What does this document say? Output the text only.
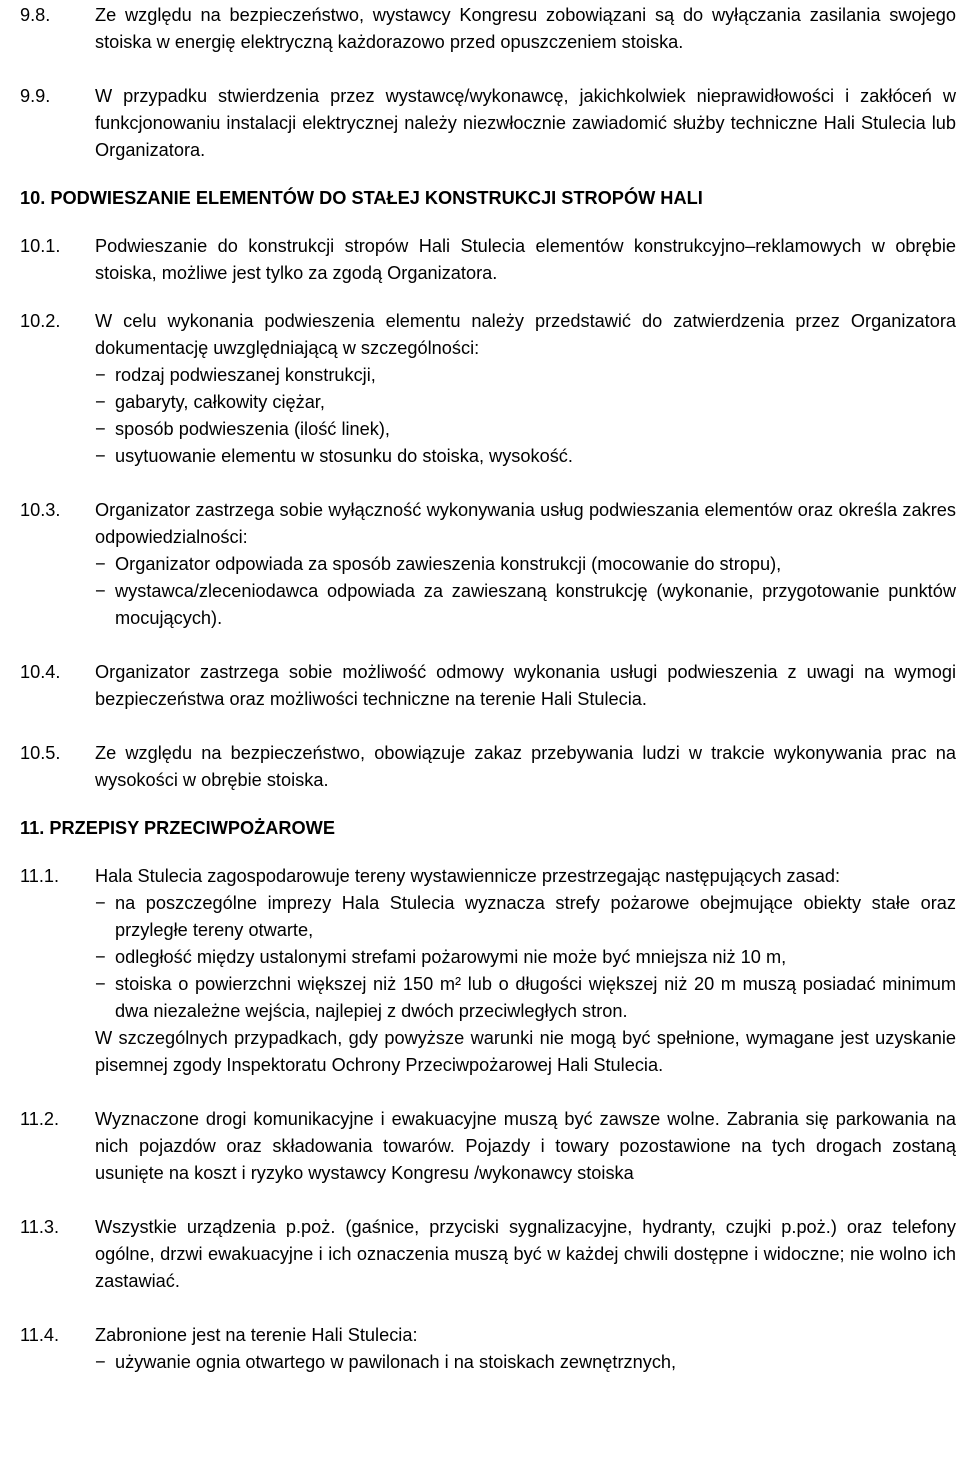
9.8.	Ze względu na bezpieczeństwo, wystawcy Kongresu zobowiązani są do wyłączania zasilania swojego stoiska w energię elektryczną każdorazowo przed opuszczeniem stoiska.
9.9.	W przypadku stwierdzenia przez wystawcę/wykonawcę, jakichkolwiek nieprawidłowości i zakłóceń w funkcjonowaniu instalacji elektrycznej należy niezwłocznie zawiadomić służby techniczne Hali Stulecia lub Organizatora.
10. PODWIESZANIE ELEMENTÓW DO STAŁEJ KONSTRUKCJI STROPÓW HALI
10.1.	Podwieszanie do konstrukcji stropów Hali Stulecia elementów konstrukcyjno–reklamowych w obrębie stoiska, możliwe jest tylko za zgodą Organizatora.
10.2.	W celu wykonania podwieszenia elementu należy przedstawić do zatwierdzenia przez Organizatora dokumentację uwzględniającą w szczególności:

− rodzaj podwieszanej konstrukcji,
− gabaryty, całkowity ciężar,
− sposób podwieszenia (ilość linek),
− usytuowanie elementu w stosunku do stoiska, wysokość.
10.3.	Organizator zastrzega sobie wyłączność wykonywania usług podwieszania elementów oraz określa zakres odpowiedzialności:

− Organizator odpowiada za sposób zawieszenia konstrukcji (mocowanie do stropu),
− wystawca/zleceniodawca odpowiada za zawieszaną konstrukcję (wykonanie, przygotowanie punktów mocujących).
10.4.	Organizator zastrzega sobie możliwość odmowy wykonania usługi podwieszenia z uwagi na wymogi bezpieczeństwa oraz możliwości techniczne na terenie Hali Stulecia.
10.5.	Ze względu na bezpieczeństwo, obowiązuje zakaz przebywania ludzi w trakcie wykonywania prac na wysokości w obrębie stoiska.
11. PRZEPISY PRZECIWPOŻAROWE
11.1.	Hala Stulecia zagospodarowuje tereny wystawiennicze przestrzegając następujących zasad:

− na poszczególne imprezy Hala Stulecia wyznacza strefy pożarowe obejmujące obiekty stałe oraz przyległe tereny otwarte,
− odległość między ustalonymi strefami pożarowymi nie może być mniejsza niż 10 m,
− stoiska o powierzchni większej niż 150 m² lub o długości większej niż 20 m muszą posiadać minimum dwa niezależne wejścia, najlepiej z dwóch przeciwległych stron.

W szczególnych przypadkach, gdy powyższe warunki nie mogą być spełnione, wymagane jest uzyskanie pisemnej zgody Inspektoratu Ochrony Przeciwpożarowej Hali Stulecia.

11.2.	Wyznaczone drogi komunikacyjne i ewakuacyjne muszą być zawsze wolne. Zabrania się parkowania na nich pojazdów oraz składowania towarów. Pojazdy i towary pozostawione na tych drogach zostaną usunięte na koszt i ryzyko wystawcy Kongresu /wykonawcy stoiska
11.3.	Wszystkie urządzenia p.poż. (gaśnice, przyciski sygnalizacyjne, hydranty, czujki p.poż.) oraz telefony ogólne, drzwi ewakuacyjne i ich oznaczenia muszą być w każdej chwili dostępne i widoczne; nie wolno ich zastawiać.
11.4.	Zabronione jest na terenie Hali Stulecia:

− używanie ognia otwartego w pawilonach i na stoiskach zewnętrznych,
